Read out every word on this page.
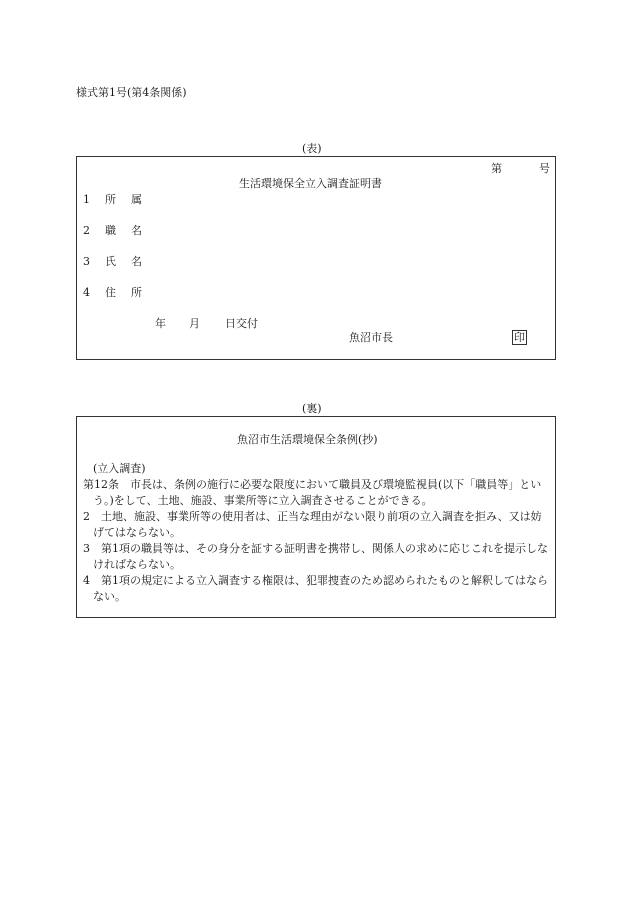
様式第1号(第4条関係)
(表)
第	号
生活環境保全立入調査証明書
1 所 属
2 職 名
3 氏 名
4 住 所
年 月 日交付
魚沼市長	印
(裏)
魚沼市生活環境保全条例(抄)
(立入調査)
第12条　市長は、条例の施行に必要な限度において職員及び環境監視員(以下「職員等」という。)をして、土地、施設、事業所等に立入調査させることができる。
2　土地、施設、事業所等の使用者は、正当な理由がない限り前項の立入調査を拒み、又は妨げてはならない。
3　第1項の職員等は、その身分を証する証明書を携帯し、関係人の求めに応じこれを提示しなければならない。
4　第1項の規定による立入調査する権限は、犯罪捜査のため認められたものと解釈してはならない。
